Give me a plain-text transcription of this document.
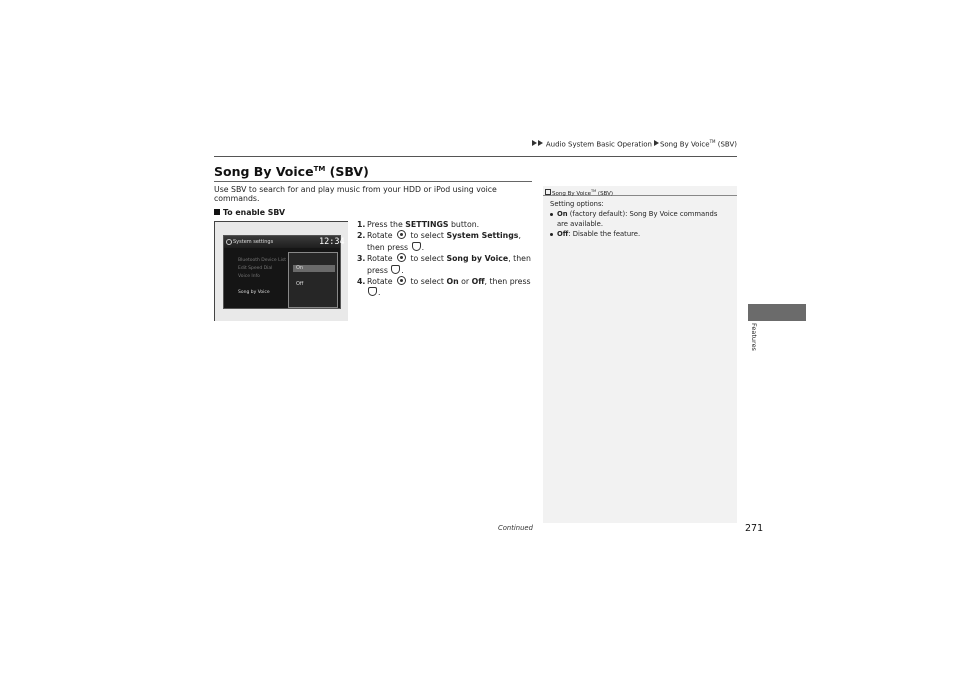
Audio System Basic Operation Song By Voice™ (SBV)
Song By Voice™ (SBV)
Use SBV to search for and play music from your HDD or iPod using voice commands.
To enable SBV
System settings	12:34
Bluetooth Device List
Edit Speed Dial
Voice Info
Song by Voice
On
Off
1. Press the SETTINGS button.
2. Rotate  to select System Settings, then press .
3. Rotate  to select Song by Voice, then press .
4. Rotate  to select On or Off, then press .
Song By Voice™ (SBV)
Setting options:
On (factory default): Song By Voice commands are available.
Off: Disable the feature.
Features
Continued	271
